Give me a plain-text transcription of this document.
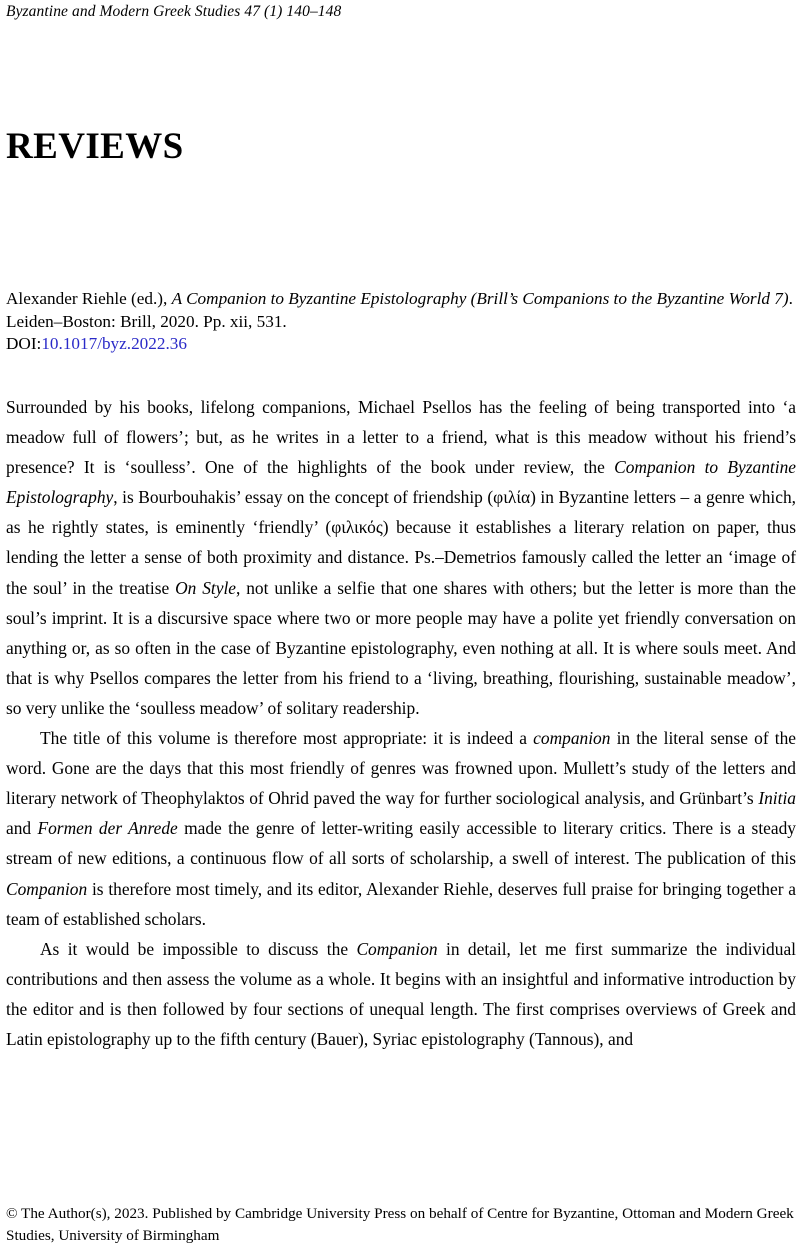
Byzantine and Modern Greek Studies 47 (1) 140–148
REVIEWS
Alexander Riehle (ed.), A Companion to Byzantine Epistolography (Brill’s Companions to the Byzantine World 7). Leiden–Boston: Brill, 2020. Pp. xii, 531.
DOI:10.1017/byz.2022.36

Surrounded by his books, lifelong companions, Michael Psellos has the feeling of being transported into ‘a meadow full of flowers’; but, as he writes in a letter to a friend, what is this meadow without his friend’s presence? It is ‘soulless’. One of the highlights of the book under review, the Companion to Byzantine Epistolography, is Bourbouhakis’ essay on the concept of friendship (φιλία) in Byzantine letters – a genre which, as he rightly states, is eminently ‘friendly’ (φιλικός) because it establishes a literary relation on paper, thus lending the letter a sense of both proximity and distance. Ps.–Demetrios famously called the letter an ‘image of the soul’ in the treatise On Style, not unlike a selfie that one shares with others; but the letter is more than the soul’s imprint. It is a discursive space where two or more people may have a polite yet friendly conversation on anything or, as so often in the case of Byzantine epistolography, even nothing at all. It is where souls meet. And that is why Psellos compares the letter from his friend to a ‘living, breathing, flourishing, sustainable meadow’, so very unlike the ‘soulless meadow’ of solitary readership.

The title of this volume is therefore most appropriate: it is indeed a companion in the literal sense of the word. Gone are the days that this most friendly of genres was frowned upon. Mullett’s study of the letters and literary network of Theophylaktos of Ohrid paved the way for further sociological analysis, and Grünbart’s Initia and Formen der Anrede made the genre of letter-writing easily accessible to literary critics. There is a steady stream of new editions, a continuous flow of all sorts of scholarship, a swell of interest. The publication of this Companion is therefore most timely, and its editor, Alexander Riehle, deserves full praise for bringing together a team of established scholars.

As it would be impossible to discuss the Companion in detail, let me first summarize the individual contributions and then assess the volume as a whole. It begins with an insightful and informative introduction by the editor and is then followed by four sections of unequal length. The first comprises overviews of Greek and Latin epistolography up to the fifth century (Bauer), Syriac epistolography (Tannous), and

© The Author(s), 2023. Published by Cambridge University Press on behalf of Centre for Byzantine, Ottoman and Modern Greek Studies, University of Birmingham
